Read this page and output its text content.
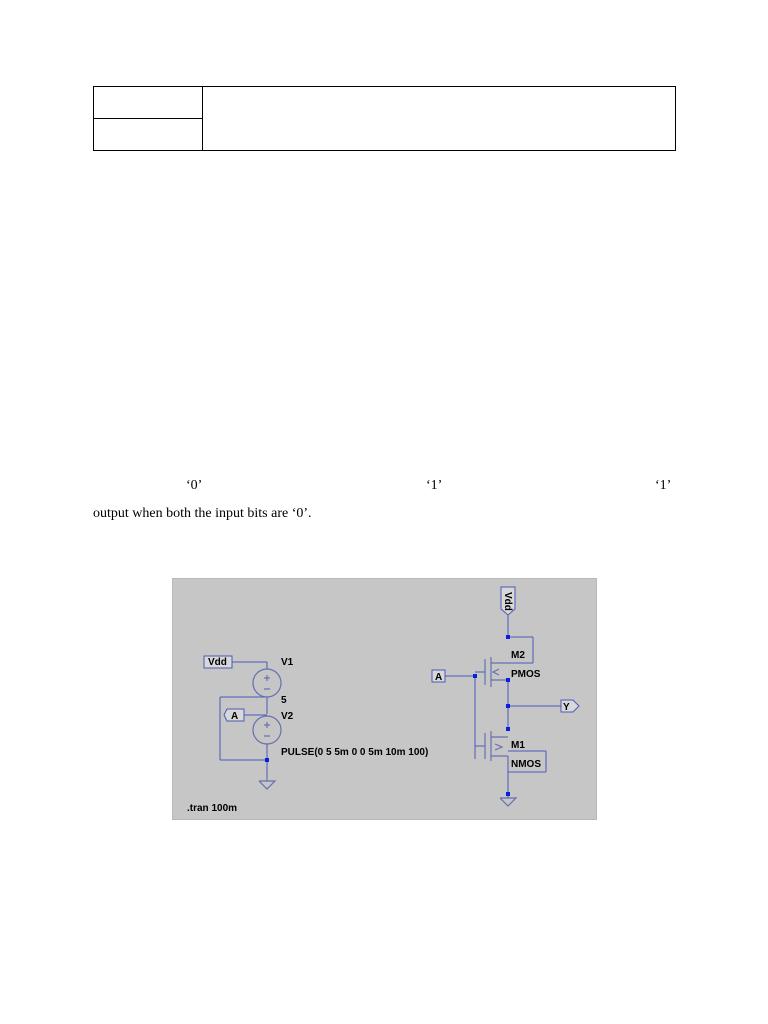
‘0’	‘1’	‘1’
output when both the input bits are ‘0’.
Vdd
A
Vdd
A
Y
V1
5
V2
PULSE(0 5 5m 0 0 5m 10m 100)
M2
PMOS
M1
NMOS
.tran 100m
